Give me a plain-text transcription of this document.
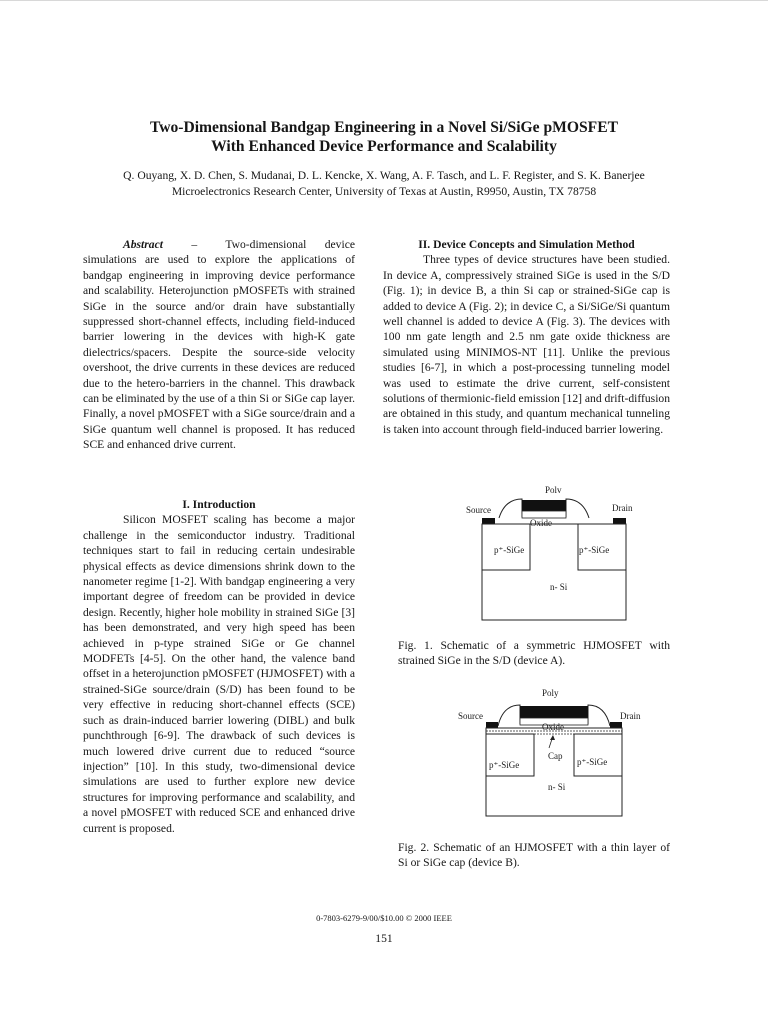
Two-Dimensional Bandgap Engineering in a Novel Si/SiGe pMOSFET
With Enhanced Device Performance and Scalability
Q. Ouyang, X. D. Chen, S. Mudanai, D. L. Kencke, X. Wang, A. F. Tasch, and L. F. Register, and S. K. Banerjee
Microelectronics Research Center, University of Texas at Austin, R9950, Austin, TX 78758

Abstract – Two-dimensional device simulations are used to explore the applications of bandgap engineering in improving device performance and scalability. Heterojunction pMOSFETs with strained SiGe in the source and/or drain have substantially suppressed short-channel effects, including field-induced barrier lowering in the devices with high-K gate dielectrics/spacers. Despite the source-side velocity overshoot, the drive currents in these devices are reduced due to the hetero-barriers in the channel. This drawback can be eliminated by the use of a thin Si or SiGe cap layer. Finally, a novel pMOSFET with a SiGe source/drain and a SiGe quantum well channel is proposed. It has reduced SCE and enhanced drive current.

I. Introduction

Silicon MOSFET scaling has become a major challenge in the semiconductor industry. Traditional techniques start to fail in reducing certain undesirable physical effects as device dimensions shrink down to the nanometer regime [1-2]. With bandgap engineering a very important degree of freedom can be provided in device design. Recently, higher hole mobility in strained SiGe [3] has been demonstrated, and very high speed has been achieved in p-type strained SiGe or Ge channel MODFETs [4-5]. On the other hand, the valence band offset in a heterojunction pMOSFET (HJMOSFET) with a strained-SiGe source/drain (S/D) has been found to be very effective in reducing short-channel effects (SCE) such as drain-induced barrier lowering (DIBL) and bulk punchthrough [6-9]. The drawback of such devices is much lowered drive current due to reduced “source injection” [10]. In this study, two-dimensional device simulations are used to further explore new device structures for improving performance and scalability, and a novel pMOSFET with reduced SCE and enhanced drive current is proposed.

II. Device Concepts and Simulation Method

Three types of device structures have been studied. In device A, compressively strained SiGe is used in the S/D (Fig. 1); in device B, a thin Si cap or strained-SiGe cap is added to device A (Fig. 2); in device C, a Si/SiGe/Si quantum well channel is added to device A (Fig. 3). The devices with 100 nm gate length and 2.5 nm gate oxide thickness are simulated using MINIMOS-NT [11]. Unlike the previous studies [6-7], in which a post-processing tunneling model was used to estimate the drive current, self-consistent solutions of thermionic-field emission [12] and drift-diffusion are obtained in this study, and quantum mechanical tunneling is taken into account through field-induced barrier lowering.

Polv
Source	Drain
Oxide
p⁺-SiGe	p⁺-SiGe
n- Si
Fig. 1. Schematic of a symmetric HJMOSFET with strained SiGe in the S/D (device A).
Poly
Source	Drain
Oxide
Cap
p⁺-SiGe	p⁺-SiGe
n- Si
Fig. 2. Schematic of an HJMOSFET with a thin layer of Si or SiGe cap (device B).
0-7803-6279-9/00/$10.00 © 2000 IEEE
151
